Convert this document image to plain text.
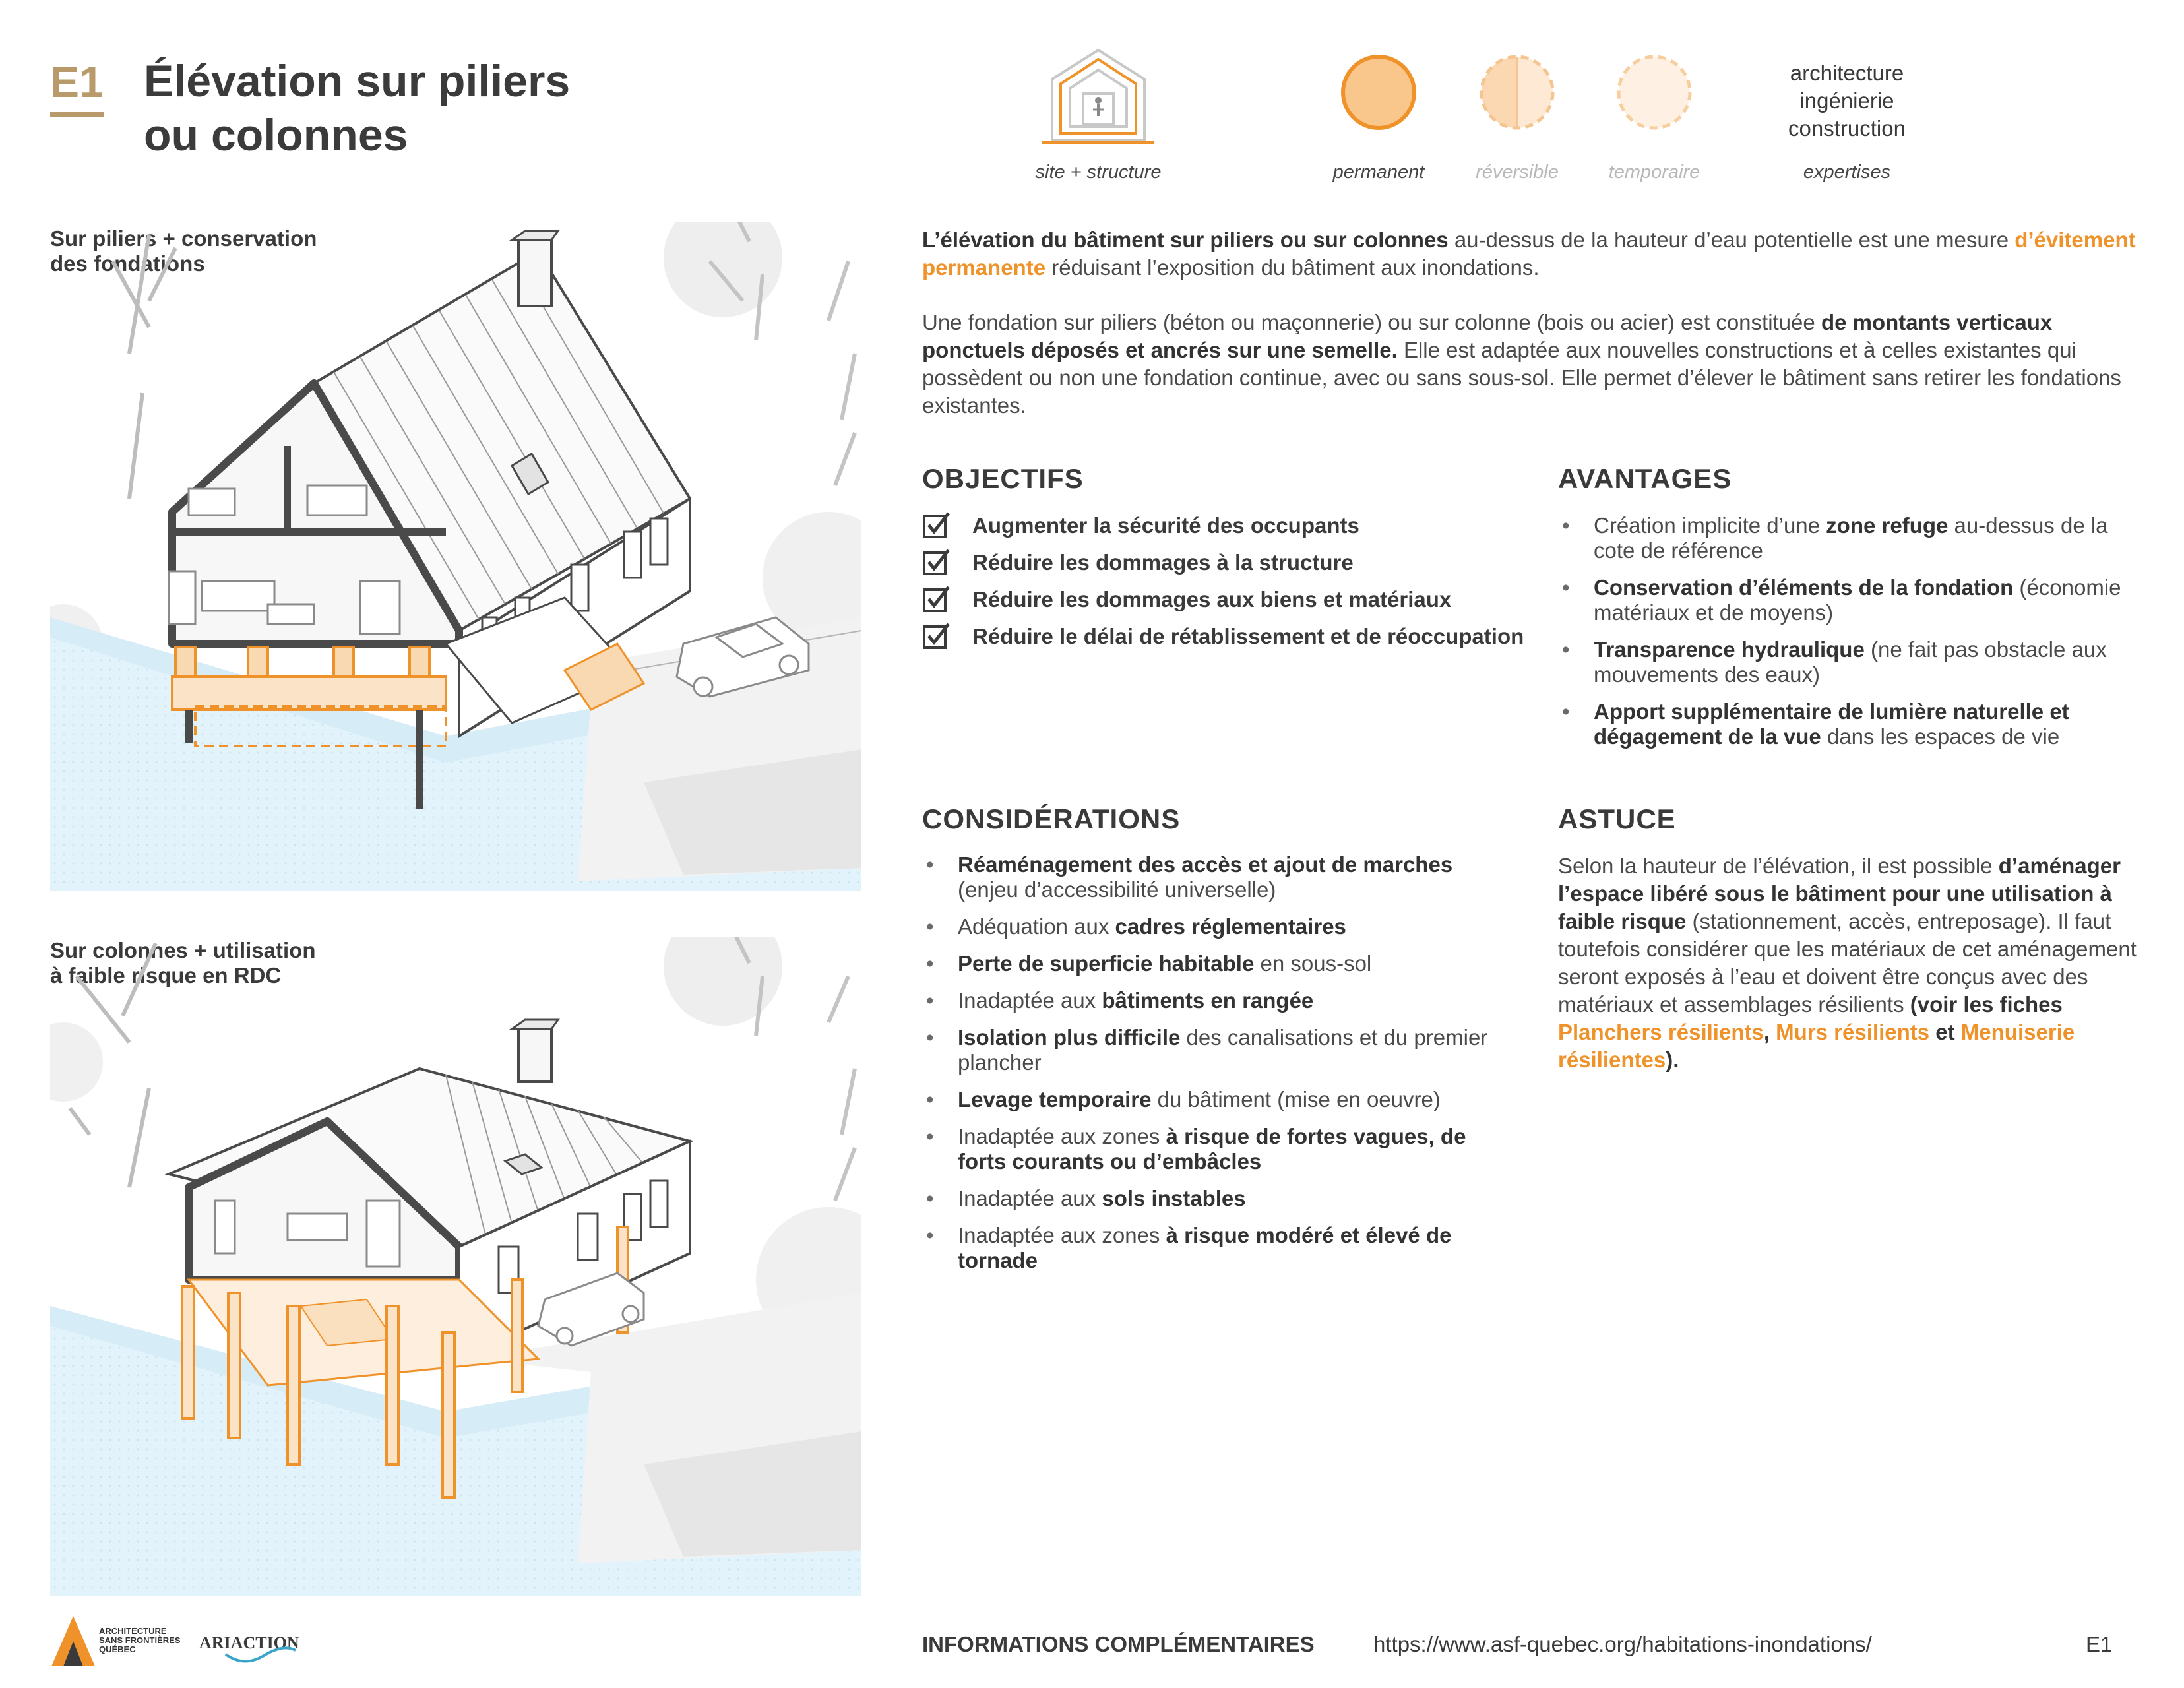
E1 Élévation sur piliers
ou colonnes
site + structure	permanent	réversible	temporaire
architecture
ingénierie
construction
expertises
Sur piliers + conservation
des fondations
Sur colonnes + utilisation
à faible risque en RDC
L’élévation du bâtiment sur piliers ou sur colonnes au-dessus de la hauteur d’eau potentielle est une mesure d’évitement permanente réduisant l’exposition du bâtiment aux inondations.
Une fondation sur piliers (béton ou maçonnerie) ou sur colonne (bois ou acier) est constituée de montants verticaux ponctuels déposés et ancrés sur une semelle. Elle est adaptée aux nouvelles constructions et à celles existantes qui possèdent ou non une fondation continue, avec ou sans sous-sol. Elle permet d’élever le bâtiment sans retirer les fondations existantes.
OBJECTIFS
Augmenter la sécurité des occupants
Réduire les dommages à la structure
Réduire les dommages aux biens et matériaux
Réduire le délai de rétablissement et de réoccupation
AVANTAGES
• Création implicite d’une zone refuge au-dessus de la cote de référence
• Conservation d’éléments de la fondation (économie matériaux et de moyens)
• Transparence hydraulique (ne fait pas obstacle aux mouvements des eaux)
• Apport supplémentaire de lumière naturelle et dégagement de la vue dans les espaces de vie
CONSIDÉRATIONS
• Réaménagement des accès et ajout de marches (enjeu d’accessibilité universelle)
• Adéquation aux cadres réglementaires
• Perte de superficie habitable en sous-sol
• Inadaptée aux bâtiments en rangée
• Isolation plus difficile des canalisations et du premier plancher
• Levage temporaire du bâtiment (mise en oeuvre)
• Inadaptée aux zones à risque de fortes vagues, de forts courants ou d’embâcles
• Inadaptée aux sols instables
• Inadaptée aux zones à risque modéré et élevé de tornade
ASTUCE
Selon la hauteur de l’élévation, il est possible d’aménager l’espace libéré sous le bâtiment pour une utilisation à faible risque (stationnement, accès, entreposage). Il faut toutefois considérer que les matériaux de cet aménagement seront exposés à l’eau et doivent être conçus avec des matériaux et assemblages résilients (voir les fiches Planchers résilients, Murs résilients et Menuiserie résilientes).
ARCHITECTURE
SANS FRONTIÈRES
QUÉBEC	ARIACTION	INFORMATIONS COMPLÉMENTAIRES	https://www.asf-quebec.org/habitations-inondations/	E1
